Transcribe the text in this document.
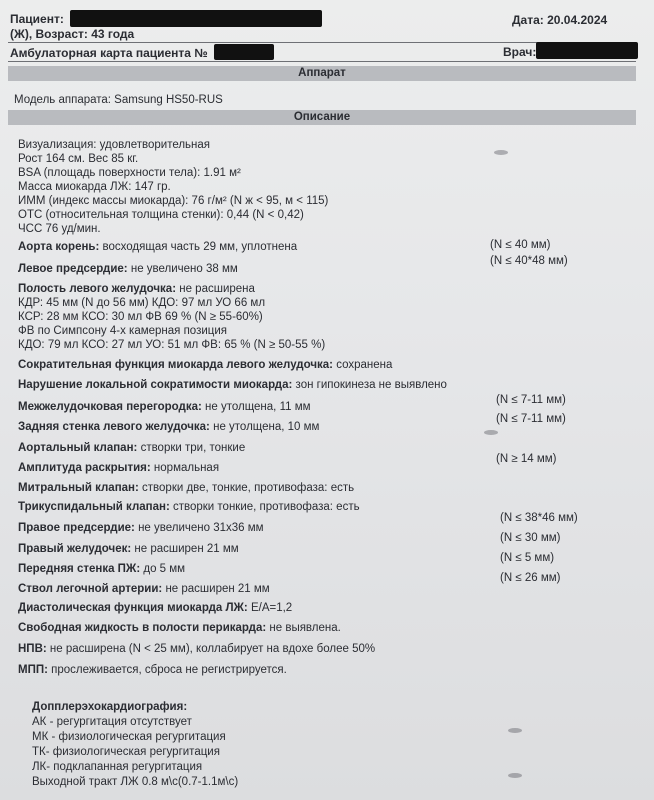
Пациент:	Дата: 20.04.2024
(Ж), Возраст: 43 года
Амбулаторная карта пациента №	Врач:
Аппарат
Модель аппарата: Samsung HS50-RUS
Описание
Визуализация: удовлетворительная
Рост 164 см. Вес 85 кг.
BSA (площадь поверхности тела): 1.91 м²
Масса миокарда ЛЖ: 147 гр.
ИММ (индекс массы миокарда): 76 г/м² (N ж < 95, м < 115)
ОТС (относительная толщина стенки): 0,44 (N < 0,42)
ЧСС 76 уд/мин.
Аорта корень: восходящая часть 29 мм, уплотнена	(N ≤ 40 мм)
Левое предсердие: не увеличено 38 мм
(N ≤ 40*48 мм)
Полость левого желудочка: не расширена
КДР: 45 мм (N до 56 мм) КДО: 97 мл УО 66 мл
КСР: 28 мм КСО: 30 мл ФВ 69 % (N ≥ 55-60%)
ФВ по Симпсону 4-х камерная позиция
КДО: 79 мл КСО: 27 мл УО: 51 мл ФВ: 65 % (N ≥ 50-55 %)
Сократительная функция миокарда левого желудочка: сохранена
Нарушение локальной сократимости миокарда: зон гипокинеза не выявлено
Межжелудочковая перегородка: не утолщена, 11 мм
(N ≤ 7-11 мм)
Задняя стенка левого желудочка: не утолщена, 10 мм
(N ≤ 7-11 мм)
Аортальный клапан: створки три, тонкие
Амплитуда раскрытия: нормальная
(N ≥ 14 мм)
Митральный клапан: створки две, тонкие, противофаза: есть
Трикуспидальный клапан: створки тонкие, противофаза: есть
Правое предсердие: не увеличено 31х36 мм
(N ≤ 38*46 мм)
Правый желудочек: не расширен 21 мм
(N ≤ 30 мм)
Передняя стенка ПЖ: до 5 мм
(N ≤ 5 мм)
Ствол легочной артерии: не расширен 21 мм
(N ≤ 26 мм)
Диастолическая функция миокарда ЛЖ: E/A=1,2
Свободная жидкость в полости перикарда: не выявлена.
НПВ: не расширена (N < 25 мм), коллабирует на вдохе более 50%
МПП: прослеживается, сброса не регистрируется.
Допплерэхокардиография:
АК - регургитация отсутствует
МК - физиологическая регургитация
ТК- физиологическая регургитация
ЛК- подклапанная регургитация
Выходной тракт ЛЖ 0.8 м\с(0.7-1.1м\с)
